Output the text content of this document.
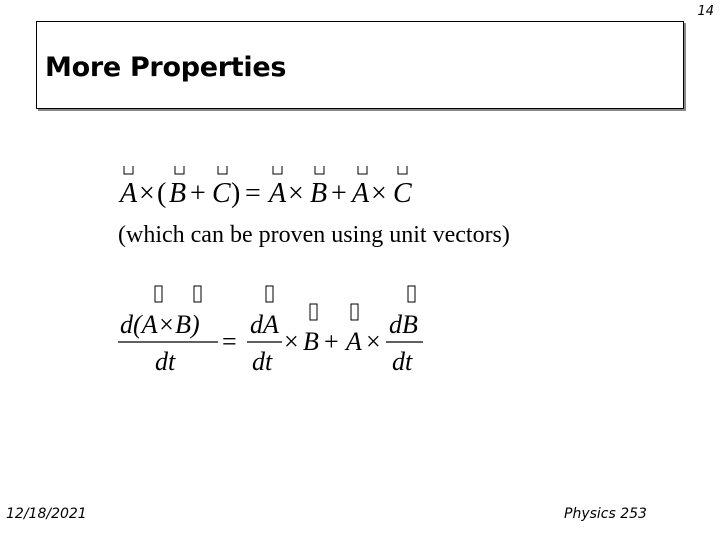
14
More Properties
A × ( B + C ) = A × B + A × C
(which can be proven using unit vectors)
d(A×B)
dt
=
dA
dt
× B + A ×
dB
dt
12/18/2021	Physics 253
